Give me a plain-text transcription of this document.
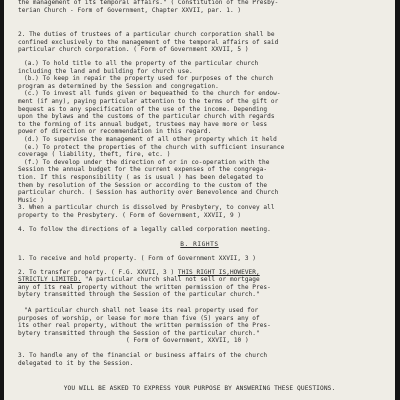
the management of its temporal affairs." ( Constitution of the Presby-
terian Church - Form of Government, Chapter XXVII, par. 1. )
2. The duties of trustees of a particular church corporation shall be
confined exclusively to the management of the temporal affairs of said
particular church corporation. ( Form of Government XXVII, 5 )
(a.) To hold title to all the property of the particular church
including the land and building for church use.
(b.) To keep in repair the property used for purposes of the church
program as determined by the Session and congregation.
(c.) To invest all funds given or bequeathed to the church for endow-
ment (if any), paying particular attention to the terms of the gift or
bequest as to any specification of the use of the income. Depending
upon the bylaws and the customs of the particular church with regards
to the forming of its annual budget, trustees may have more or less
power of direction or recommendation in this regard.
(d.) To supervise the management of all other property which it held
(e.) To protect the properties of the church with sufficient insurance
coverage ( liability, theft, fire, etc. )
(f.) To develop under the direction of or in co-operation with the
Session the annual budget for the current expenses of the congrega-
tion. If this responsibility ( as is usual ) has been delegated to
them by resolution of the Session or according to the custom of the
particular church. ( Session has authority over Benevolence and Church
Music )
3. When a particular church is dissolved by Presbytery, to convey all
property to the Presbytery. ( Form of Government, XXVII, 9 )
4. To follow the directions of a legally called corporation meeting.
B. RIGHTS
1. To receive and hold property. ( Form of Government XXVII, 3 )
2. To transfer property. ( F.G. XXVII, 3 ) THIS RIGHT IS,HOWEVER,
STRICTLY LIMITED. "A particular church shall not sell or mortgage
any of its real property without the written permission of the Pres-
bytery transmitted through the Session of the particular church."
"A particular church shall not lease its real property used for
purposes of worship, or lease for more than five (5) years any of
its other real property, without the written permission of the Pres-
bytery transmitted through the Session of the particular church."
( Form of Government, XXVII, 10 )
3. To handle any of the financial or business affairs of the church
delegated to it by the Session.
YOU WILL BE ASKED TO EXPRESS YOUR PURPOSE BY ANSWERING THESE QUESTIONS.
